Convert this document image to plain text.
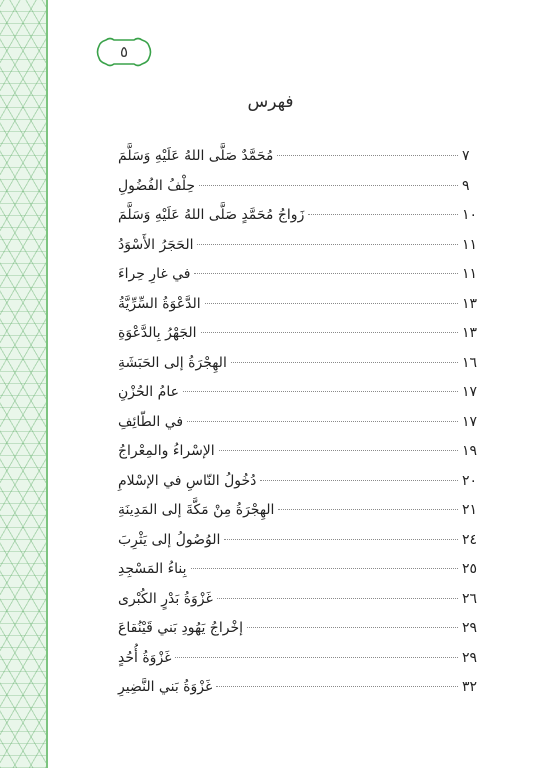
٥
فهرس
مُحَمَّدٌ صَلَّى اللهُ عَلَيْهِ وَسَلَّمَ	٧
حِلْفُ الفُضُولِ	٩
زَواجُ مُحَمَّدٍ صَلَّى اللهُ عَلَيْهِ وَسَلَّمَ	١٠
الحَجَرُ الأَسْوَدُ	١١
في غارِ حِراءَ	١١
الدَّعْوَةُ السِّرِّيَّةُ	١٣
الجَهْرُ بِالدَّعْوَةِ	١٣
الهِجْرَةُ إلى الحَبَشَةِ	١٦
عامُ الحُزْنِ	١٧
في الطّائِفِ	١٧
الإسْراءُ والمِعْراجُ	١٩
دُخُولُ النّاسِ في الإسْلامِ	٢٠
الهِجْرَةُ مِنْ مَكَّةَ إلى المَدِينَةِ	٢١
الوُصُولُ إلى يَثْرِبَ	٢٤
بِناءُ المَسْجِدِ	٢٥
غَزْوَةُ بَدْرٍ الكُبْرى	٢٦
إخْراجُ يَهُودِ بَني قَيْنُقاعَ	٢٩
غَزْوَةُ أُحُدٍ	٢٩
غَزْوَةُ بَني النَّضِيرِ	٣٢
